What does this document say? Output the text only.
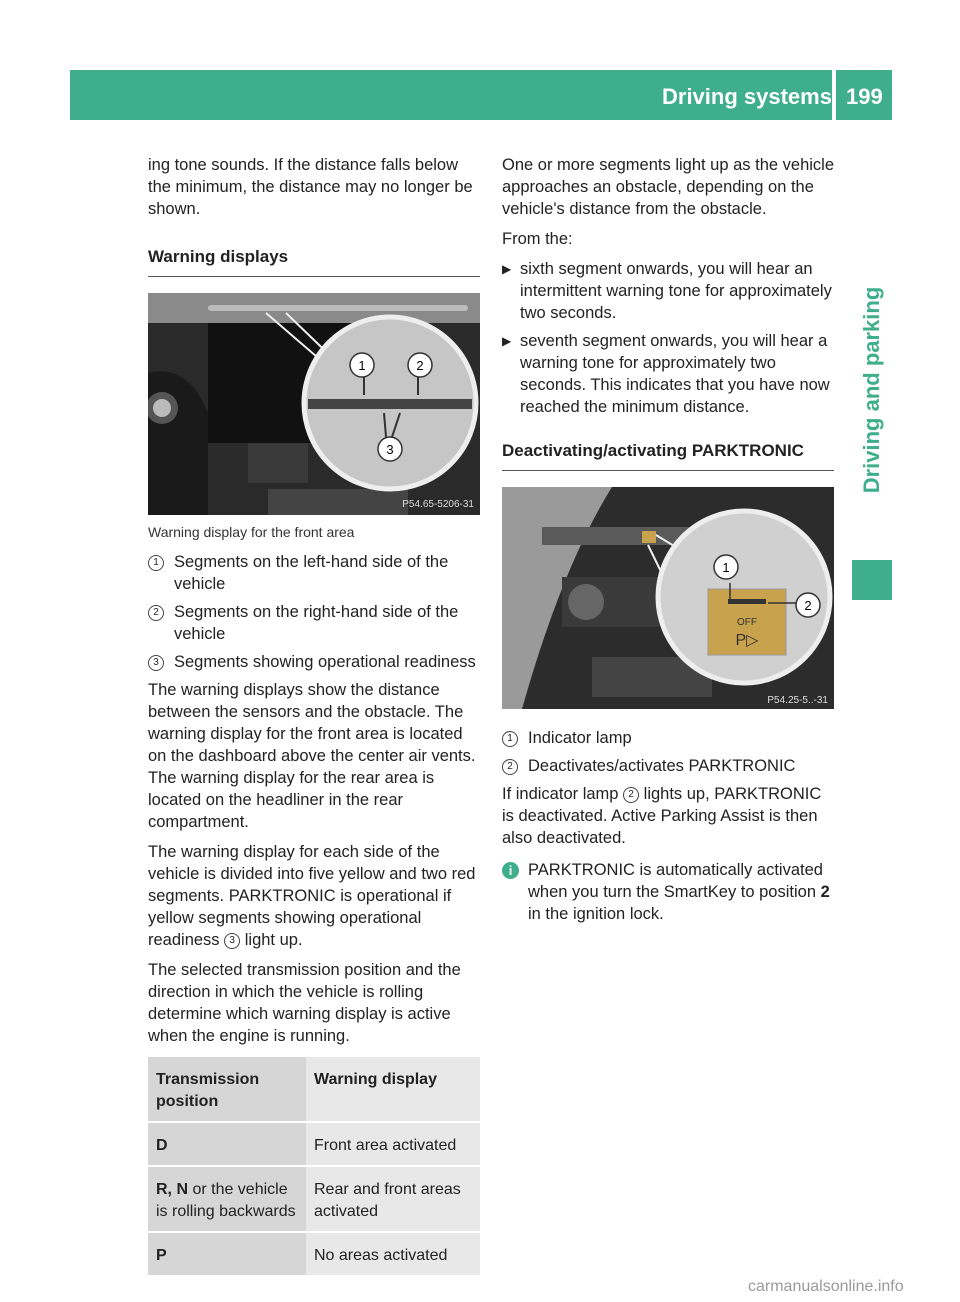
Driving systems 199
Driving and parking

ing tone sounds. If the distance falls below the minimum, the distance may no longer be shown.

Warning displays
1	2
3
P54.65-5206-31

Warning display for the front area

1 Segments on the left-hand side of the vehicle
2 Segments on the right-hand side of the vehicle
3 Segments showing operational readiness

The warning displays show the distance between the sensors and the obstacle. The warning display for the front area is located on the dashboard above the center air vents. The warning display for the rear area is located on the headliner in the rear compartment.

The warning display for each side of the vehicle is divided into five yellow and two red segments. PARKTRONIC is operational if yellow segments showing operational readiness 3 light up.

The selected transmission position and the direction in which the vehicle is rolling determine which warning display is active when the engine is running.

Transmission position	Warning display
D	Front area activated
R, N or the vehicle is rolling backwards	Rear and front areas activated
P	No areas activated

One or more segments light up as the vehicle approaches an obstacle, depending on the vehicle's distance from the obstacle.

From the:

▶ sixth segment onwards, you will hear an intermittent warning tone for approximately two seconds.
▶ seventh segment onwards, you will hear a warning tone for approximately two seconds. This indicates that you have now reached the minimum distance.
Deactivating/activating PARKTRONIC
OFF
P▷
1
2
P54.25-5..-31
1 Indicator lamp
2 Deactivates/activates PARKTRONIC

If indicator lamp 2 lights up, PARKTRONIC is deactivated. Active Parking Assist is then also deactivated.

i PARKTRONIC is automatically activated when you turn the SmartKey to position 2 in the ignition lock.
carmanualsonline.info
